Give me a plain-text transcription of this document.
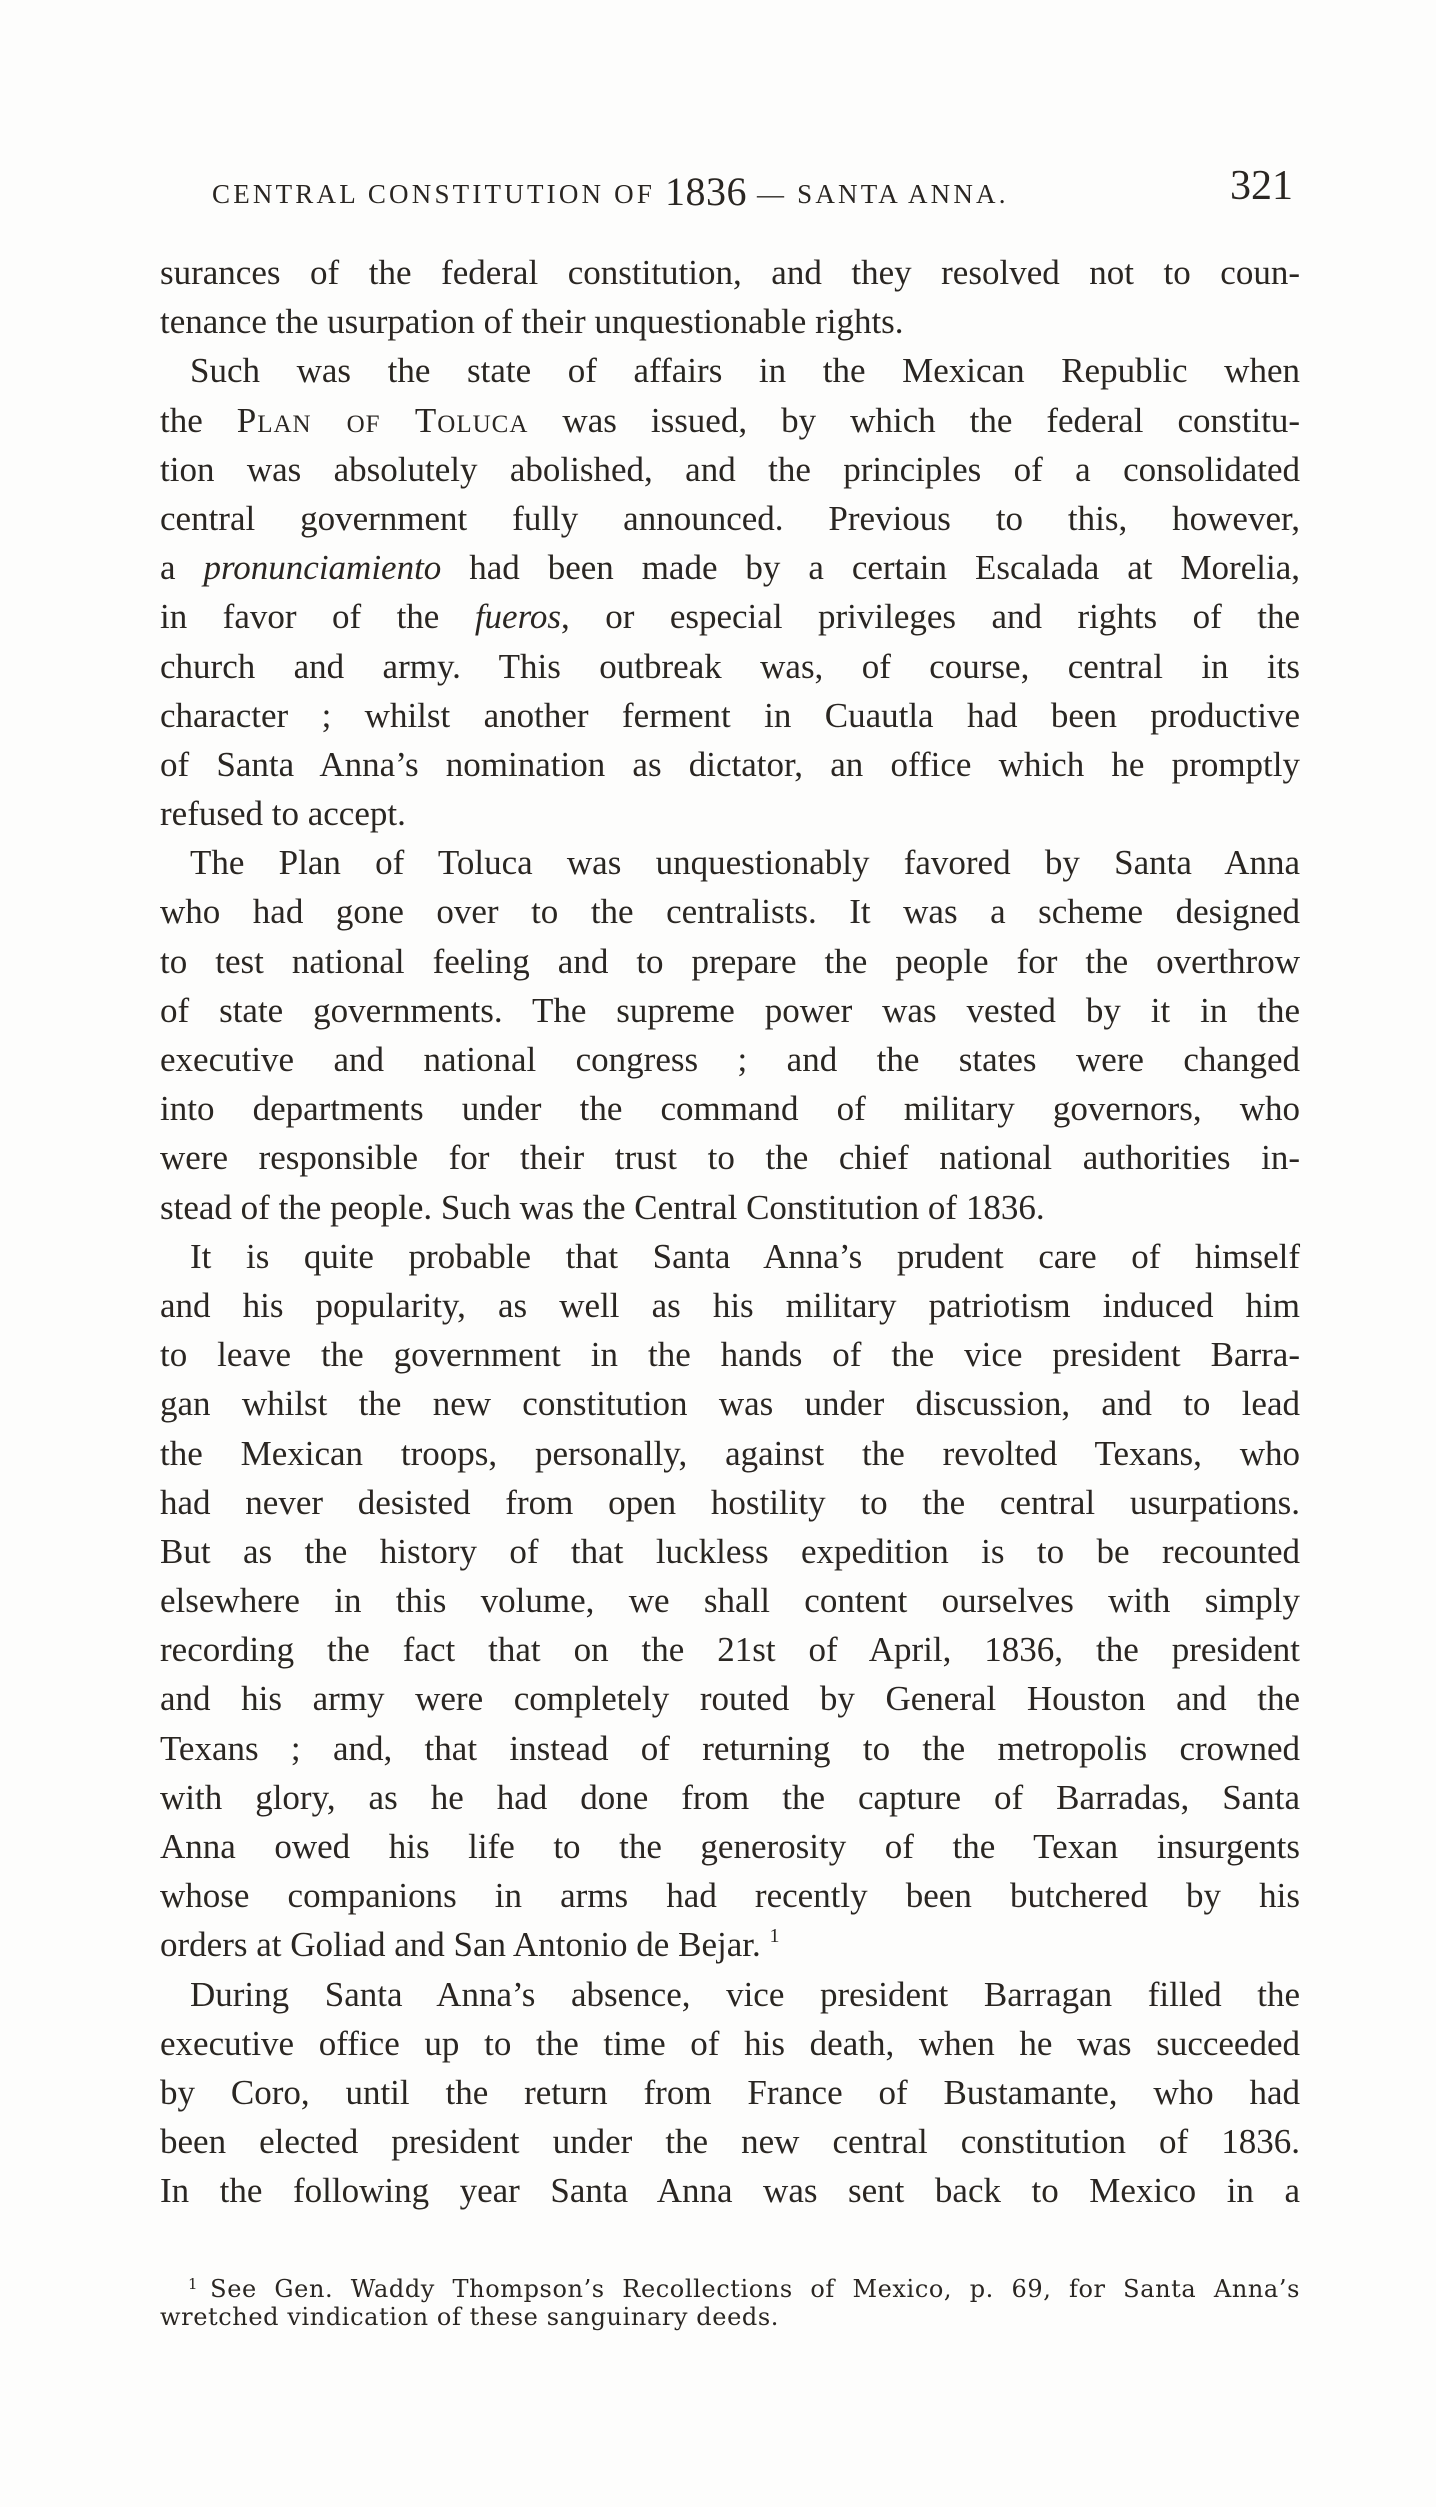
CENTRAL CONSTITUTION OF 1836 — SANTA ANNA.	321
surances of the federal constitution, and they resolved not to coun-
tenance the usurpation of their unquestionable rights.
Such was the state of affairs in the Mexican Republic when
the Plan of Toluca was issued, by which the federal constitu-
tion was absolutely abolished, and the principles of a consolidated
central government fully announced. Previous to this, however,
a pronunciamiento had been made by a certain Escalada at Morelia,
in favor of the fueros, or especial privileges and rights of the
church and army. This outbreak was, of course, central in its
character ; whilst another ferment in Cuautla had been productive
of Santa Anna’s nomination as dictator, an office which he promptly
refused to accept.
The Plan of Toluca was unquestionably favored by Santa Anna
who had gone over to the centralists. It was a scheme designed
to test national feeling and to prepare the people for the overthrow
of state governments. The supreme power was vested by it in the
executive and national congress ; and the states were changed
into departments under the command of military governors, who
were responsible for their trust to the chief national authorities in-
stead of the people. Such was the Central Constitution of 1836.
It is quite probable that Santa Anna’s prudent care of himself
and his popularity, as well as his military patriotism induced him
to leave the government in the hands of the vice president Barra-
gan whilst the new constitution was under discussion, and to lead
the Mexican troops, personally, against the revolted Texans, who
had never desisted from open hostility to the central usurpations.
But as the history of that luckless expedition is to be recounted
elsewhere in this volume, we shall content ourselves with simply
recording the fact that on the 21st of April, 1836, the president
and his army were completely routed by General Houston and the
Texans ; and, that instead of returning to the metropolis crowned
with glory, as he had done from the capture of Barradas, Santa
Anna owed his life to the generosity of the Texan insurgents
whose companions in arms had recently been butchered by his
orders at Goliad and San Antonio de Bejar. $^1$
During Santa Anna’s absence, vice president Barragan filled the
executive office up to the time of his death, when he was succeeded
by Coro, until the return from France of Bustamante, who had
been elected president under the new central constitution of 1836.
In the following year Santa Anna was sent back to Mexico in a
$^1$ See Gen. Waddy Thompson’s Recollections of Mexico, p. 69, for Santa Anna’s
wretched vindication of these sanguinary deeds.
